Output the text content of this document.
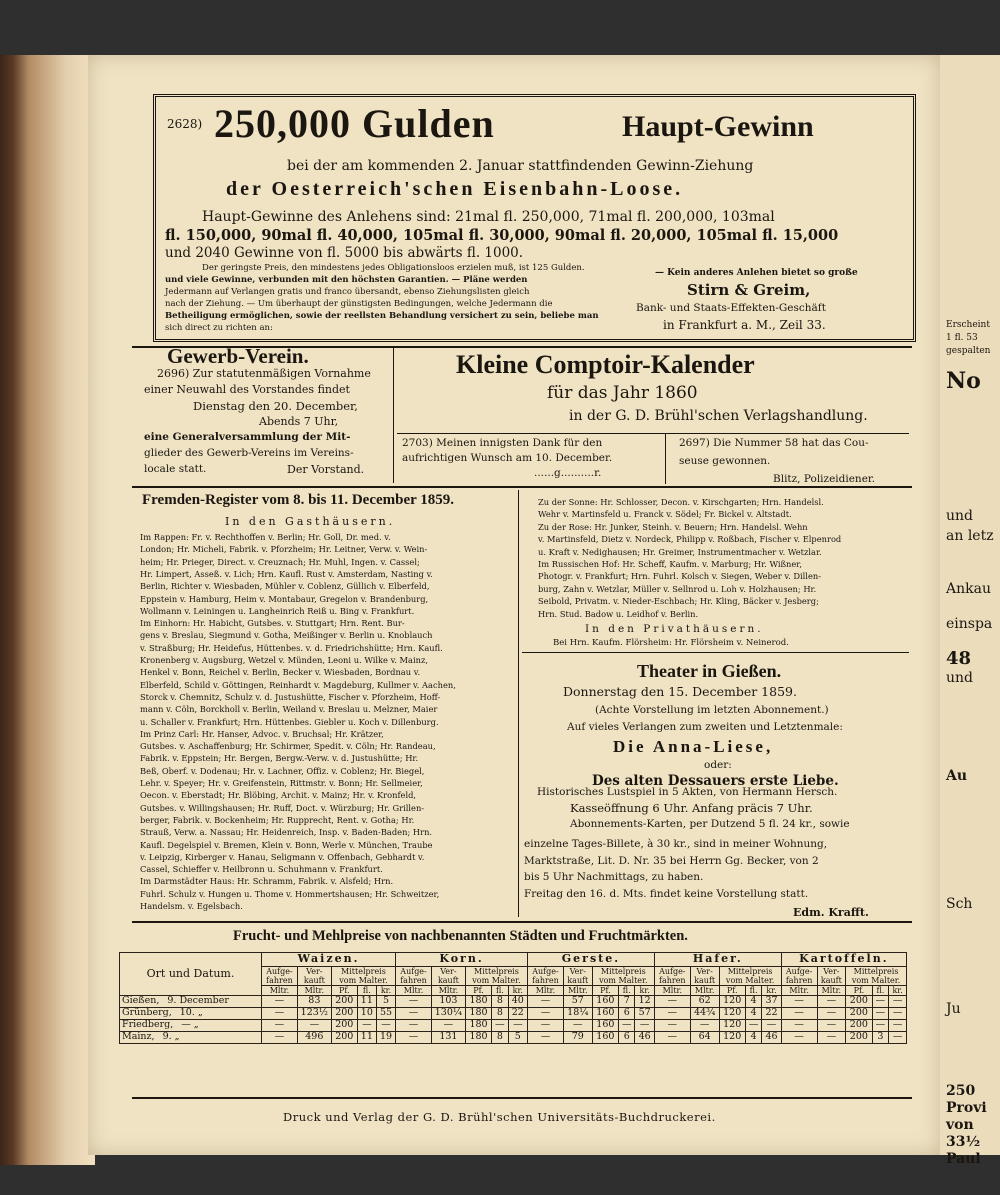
Erscheint
1 fl. 53
gespalten
No
und
an letz
Ankau
einspa
48
und
Au
Sch
Ju
250
Provi
von
33½
Paul
2628) 250,000 Gulden	Haupt-Gewinn
bei der am kommenden 2. Januar stattfindenden Gewinn-Ziehung
der Oesterreich'schen Eisenbahn-Loose.
Haupt-Gewinne des Anlehens sind: 21mal fl. 250,000, 71mal fl. 200,000, 103mal
fl. 150,000, 90mal fl. 40,000, 105mal fl. 30,000, 90mal fl. 20,000, 105mal fl. 15,000
und 2040 Gewinne von fl. 5000 bis abwärts fl. 1000.
Der geringste Preis, den mindestens jedes Obligationsloos erzielen muß, ist 125 Gulden.
und viele Gewinne, verbunden mit den höchsten Garantien. — Pläne werden
Jedermann auf Verlangen gratis und franco übersandt, ebenso Ziehungslisten gleich
nach der Ziehung. — Um überhaupt der günstigsten Bedingungen, welche Jedermann die
Betheiligung ermöglichen, sowie der reellsten Behandlung versichert zu sein, beliebe man
sich direct zu richten an:
— Kein anderes Anlehen bietet so große
Stirn & Greim,
Bank- und Staats-Effekten-Geschäft
in Frankfurt a. M., Zeil 33.
Gewerb-Verein.
2696) Zur statutenmäßigen Vornahme
einer Neuwahl des Vorstandes findet
Dienstag den 20. December,
Abends 7 Uhr,
eine Generalversammlung der Mit-
glieder des Gewerb-Vereins im Vereins-
locale statt.	Der Vorstand.
Kleine Comptoir-Kalender
für das Jahr 1860
in der G. D. Brühl'schen Verlagshandlung.
2703) Meinen innigsten Dank für den
aufrichtigen Wunsch am 10. December.
......g..........r.
2697) Die Nummer 58 hat das Cou-
seuse gewonnen.
Blitz, Polizeidiener.
Fremden-Register vom 8. bis 11. December 1859.
In den Gasthäusern.
Im Rappen: Fr. v. Rechthoffen v. Berlin; Hr. Goll, Dr. med. v.
London; Hr. Micheli, Fabrik. v. Pforzheim; Hr. Leitner, Verw. v. Wein-
heim; Hr. Prieger, Direct. v. Creuznach; Hr. Muhl, Ingen. v. Cassel;
Hr. Limpert, Asseß. v. Lich; Hrn. Kaufl. Rust v. Amsterdam, Nasting v.
Berlin, Richter v. Wiesbaden, Mühler v. Coblenz, Güllich v. Elberfeld,
Eppstein v. Hamburg, Heim v. Montabaur, Gregelon v. Brandenburg,
Wollmann v. Leiningen u. Langheinrich Reiß u. Bing v. Frankfurt.
Im Einhorn: Hr. Habicht, Gutsbes. v. Stuttgart; Hrn. Rent. Bur-
gens v. Breslau, Siegmund v. Gotha, Meißinger v. Berlin u. Knoblauch
v. Straßburg; Hr. Heidefus, Hüttenbes. v. d. Friedrichshütte; Hrn. Kaufl.
Kronenberg v. Augsburg, Wetzel v. Münden, Leoni u. Wilke v. Mainz,
Henkel v. Bonn, Reichel v. Berlin, Becker v. Wiesbaden, Bordnau v.
Elberfeld, Schild v. Göttingen, Reinhardt v. Magdeburg, Kullmer v. Aachen,
Storck v. Chemnitz, Schulz v. d. Justushütte, Fischer v. Pforzheim, Hoff-
mann v. Cöln, Borckholl v. Berlin, Weiland v. Breslau u. Melzner, Maier
u. Schaller v. Frankfurt; Hrn. Hüttenbes. Giebler u. Koch v. Dillenburg.
Im Prinz Carl: Hr. Hanser, Advoc. v. Bruchsal; Hr. Krätzer,
Gutsbes. v. Aschaffenburg; Hr. Schirmer, Spedit. v. Cöln; Hr. Randeau,
Fabrik. v. Eppstein; Hr. Bergen, Bergw.-Verw. v. d. Justushütte; Hr.
Beß, Oberf. v. Dodenau; Hr. v. Lachner, Offiz. v. Coblenz; Hr. Biegel,
Lehr. v. Speyer; Hr. v. Greifenstein, Rittmstr. v. Bonn; Hr. Sellmeier,
Oecon. v. Eberstadt; Hr. Blöbing, Archit. v. Mainz; Hr. v. Kronfeld,
Gutsbes. v. Willingshausen; Hr. Ruff, Doct. v. Würzburg; Hr. Grillen-
berger, Fabrik. v. Bockenheim; Hr. Rupprecht, Rent. v. Gotha; Hr.
Strauß, Verw. a. Nassau; Hr. Heidenreich, Insp. v. Baden-Baden; Hrn.
Kaufl. Degelspiel v. Bremen, Klein v. Bonn, Werle v. München, Traube
v. Leipzig, Kirberger v. Hanau, Seligmann v. Offenbach, Gebhardt v.
Cassel, Schieffer v. Heilbronn u. Schuhmann v. Frankfurt.
Im Darmstädter Haus: Hr. Schramm, Fabrik. v. Alsfeld; Hrn.
Fuhrl. Schulz v. Hungen u. Thome v. Hommertshausen; Hr. Schweitzer,
Handelsm. v. Egelsbach.
Zu der Sonne: Hr. Schlosser, Decon. v. Kirschgarten; Hrn. Handelsl.
Wehr v. Martinsfeld u. Franck v. Södel; Fr. Bickel v. Altstadt.
Zu der Rose: Hr. Junker, Steinh. v. Beuern; Hrn. Handelsl. Wehn
v. Martinsfeld, Dietz v. Nordeck, Philipp v. Roßbach, Fischer v. Elpenrod
u. Kraft v. Nedighausen; Hr. Greimer, Instrumentmacher v. Wetzlar.
Im Russischen Hof: Hr. Scheff, Kaufm. v. Marburg; Hr. Wißner,
Photogr. v. Frankfurt; Hrn. Fuhrl. Kolsch v. Siegen, Weber v. Dillen-
burg, Zahn v. Wetzlar, Müller v. Sellnrod u. Loh v. Holzhausen; Hr.
Seibold, Privatm. v. Nieder-Eschbach; Hr. Kling, Bäcker v. Jesberg;
Hrn. Stud. Badow u. Leidhof v. Berlin.
In den Privathäusern.
Bei Hrn. Kaufm. Flörsheim: Hr. Flörsheim v. Neinerod.
Theater in Gießen.
Donnerstag den 15. December 1859.
(Achte Vorstellung im letzten Abonnement.)
Auf vieles Verlangen zum zweiten und Letztenmale:
Die Anna-Liese,
oder:
Des alten Dessauers erste Liebe.
Historisches Lustspiel in 5 Akten, von Hermann Hersch.
Kasseöffnung 6 Uhr. Anfang präcis 7 Uhr.
Abonnements-Karten, per Dutzend 5 fl. 24 kr., sowie
einzelne Tages-Billete, à 30 kr., sind in meiner Wohnung,
Marktstraße, Lit. D. Nr. 35 bei Herrn Gg. Becker, von 2
bis 5 Uhr Nachmittags, zu haben.
Freitag den 16. d. Mts. findet keine Vorstellung statt.
Edm. Krafft.
Frucht- und Mehlpreise von nachbenannten Städten und Fruchtmärkten.
Ort und Datum.	Waizen.					Korn.					Gerste.					Hafer.					Kartoffeln.				
	Aufge-fahren	Ver-kauft	Mittelpreis vom Malter.			Aufge-fahren	Ver-kauft	Mittelpreis vom Malter.			Aufge-fahren	Ver-kauft	Mittelpreis vom Malter.			Aufge-fahren	Ver-kauft	Mittelpreis vom Malter.			Aufge-fahren	Ver-kauft	Mittelpreis vom Malter.		
	Mltr.	Mltr.	Pf.	fl.	kr.	Mltr.	Mltr.	Pf.	fl.	kr.	Mltr.	Mltr.	Pf.	fl.	kr.	Mltr.	Mltr.	Pf.	fl.	kr.	Mltr.	Mltr.	Pf.	fl.	kr.
Gießen, 9. December	—	83	200	11	5	—	103	180	8	40	—	57	160	7	12	—	62	120	4	37	—	—	200	—	—
Grünberg, 10. „	—	123½	200	10	55	—	130¼	180	8	22	—	18¼	160	6	57	—	44¾	120	4	22	—	—	200	—	—
Friedberg, — „	—	—	200	—	—	—	—	180	—	—	—	—	160	—	—	—	—	120	—	—	—	—	200	—	—
Mainz, 9. „	—	496	200	11	19	—	131	180	8	5	—	79	160	6	46	—	64	120	4	46	—	—	200	3	—
Druck und Verlag der G. D. Brühl'schen Universitäts-Buchdruckerei.
